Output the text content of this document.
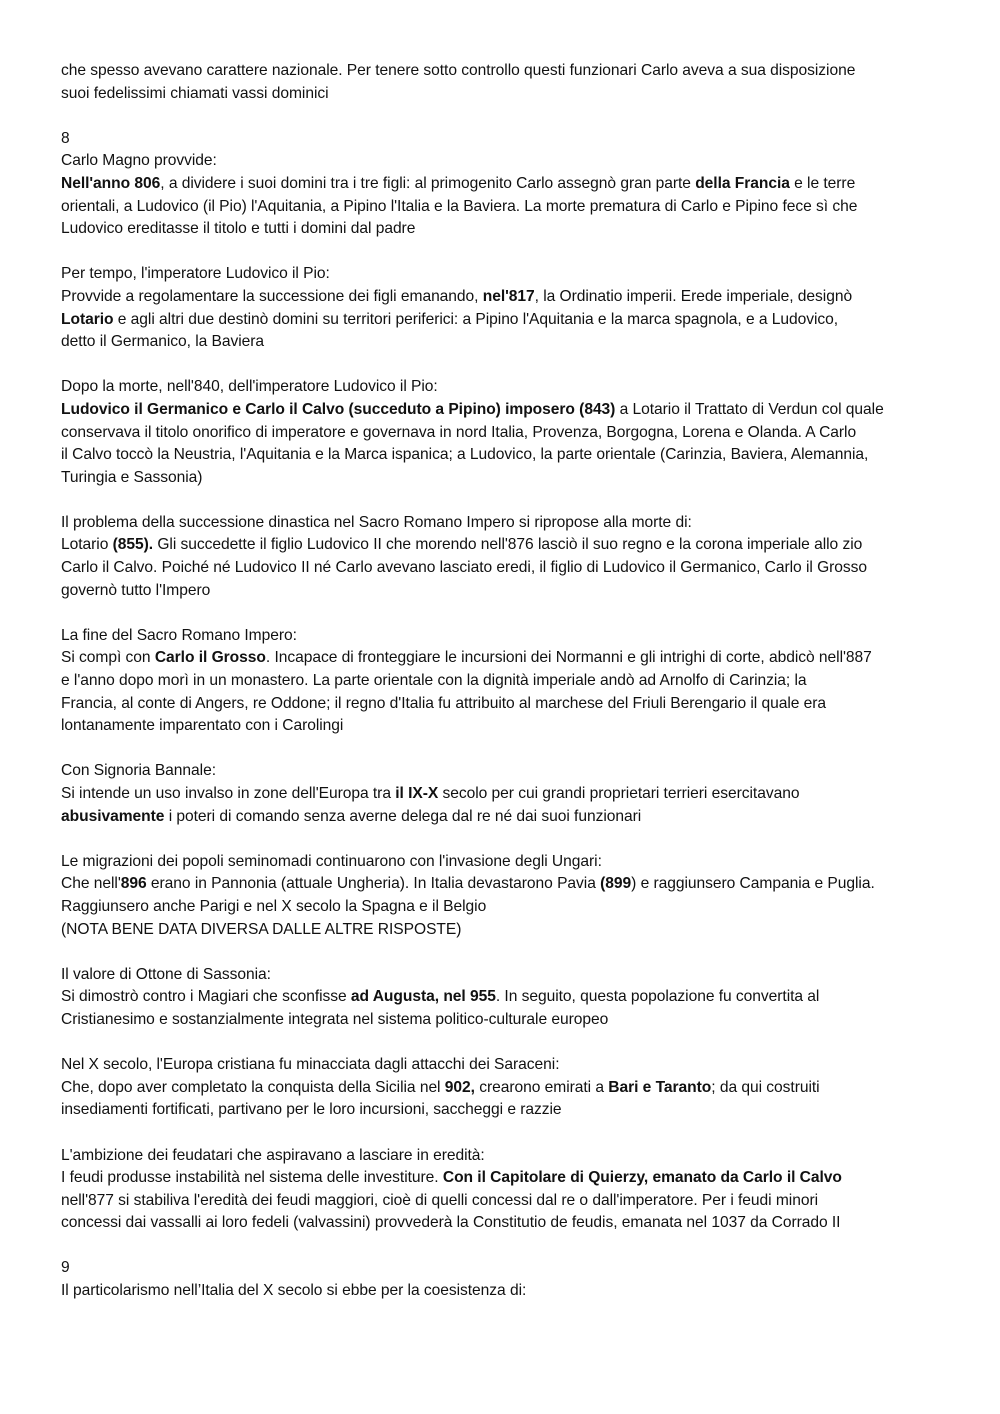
che spesso avevano carattere nazionale. Per tenere sotto controllo questi funzionari Carlo aveva a sua disposizione
suoi fedelissimi chiamati vassi dominici
8
Carlo Magno provvide:
Nell'anno 806, a dividere i suoi domini tra i tre figli: al primogenito Carlo assegnò gran parte della Francia e le terre
orientali, a Ludovico (il Pio) l'Aquitania, a Pipino l'Italia e la Baviera. La morte prematura di Carlo e Pipino fece sì che
Ludovico ereditasse il titolo e tutti i domini dal padre
Per tempo, l'imperatore Ludovico il Pio:
Provvide a regolamentare la successione dei figli emanando, nel'817, la Ordinatio imperii. Erede imperiale, designò
Lotario e agli altri due destinò domini su territori periferici: a Pipino l'Aquitania e la marca spagnola, e a Ludovico,
detto il Germanico, la Baviera
Dopo la morte, nell'840, dell'imperatore Ludovico il Pio:
Ludovico il Germanico e Carlo il Calvo (succeduto a Pipino) imposero (843) a Lotario il Trattato di Verdun col quale
conservava il titolo onorifico di imperatore e governava in nord Italia, Provenza, Borgogna, Lorena e Olanda. A Carlo
il Calvo toccò la Neustria, l'Aquitania e la Marca ispanica; a Ludovico, la parte orientale (Carinzia, Baviera, Alemannia,
Turingia e Sassonia)
Il problema della successione dinastica nel Sacro Romano Impero si ripropose alla morte di:
Lotario (855). Gli succedette il figlio Ludovico II che morendo nell'876 lasciò il suo regno e la corona imperiale allo zio
Carlo il Calvo. Poiché né Ludovico II né Carlo avevano lasciato eredi, il figlio di Ludovico il Germanico, Carlo il Grosso
governò tutto l'Impero
La fine del Sacro Romano Impero:
Si compì con Carlo il Grosso. Incapace di fronteggiare le incursioni dei Normanni e gli intrighi di corte, abdicò nell'887
e l'anno dopo morì in un monastero. La parte orientale con la dignità imperiale andò ad Arnolfo di Carinzia; la
Francia, al conte di Angers, re Oddone; il regno d'Italia fu attribuito al marchese del Friuli Berengario il quale era
lontanamente imparentato con i Carolingi
Con Signoria Bannale:
Si intende un uso invalso in zone dell'Europa tra il IX-X secolo per cui grandi proprietari terrieri esercitavano
abusivamente i poteri di comando senza averne delega dal re né dai suoi funzionari
Le migrazioni dei popoli seminomadi continuarono con l'invasione degli Ungari:
Che nell'896 erano in Pannonia (attuale Ungheria). In Italia devastarono Pavia (899) e raggiunsero Campania e Puglia.
Raggiunsero anche Parigi e nel X secolo la Spagna e il Belgio
(NOTA BENE DATA DIVERSA DALLE ALTRE RISPOSTE)
Il valore di Ottone di Sassonia:
Si dimostrò contro i Magiari che sconfisse ad Augusta, nel 955. In seguito, questa popolazione fu convertita al
Cristianesimo e sostanzialmente integrata nel sistema politico-culturale europeo
Nel X secolo, l'Europa cristiana fu minacciata dagli attacchi dei Saraceni:
Che, dopo aver completato la conquista della Sicilia nel 902, crearono emirati a Bari e Taranto; da qui costruiti
insediamenti fortificati, partivano per le loro incursioni, saccheggi e razzie
L'ambizione dei feudatari che aspiravano a lasciare in eredità:
I feudi produsse instabilità nel sistema delle investiture. Con il Capitolare di Quierzy, emanato da Carlo il Calvo
nell'877 si stabiliva l'eredità dei feudi maggiori, cioè di quelli concessi dal re o dall'imperatore. Per i feudi minori
concessi dai vassalli ai loro fedeli (valvassini) provvederà la Constitutio de feudis, emanata nel 1037 da Corrado II
9
Il particolarismo nell’Italia del X secolo si ebbe per la coesistenza di:
